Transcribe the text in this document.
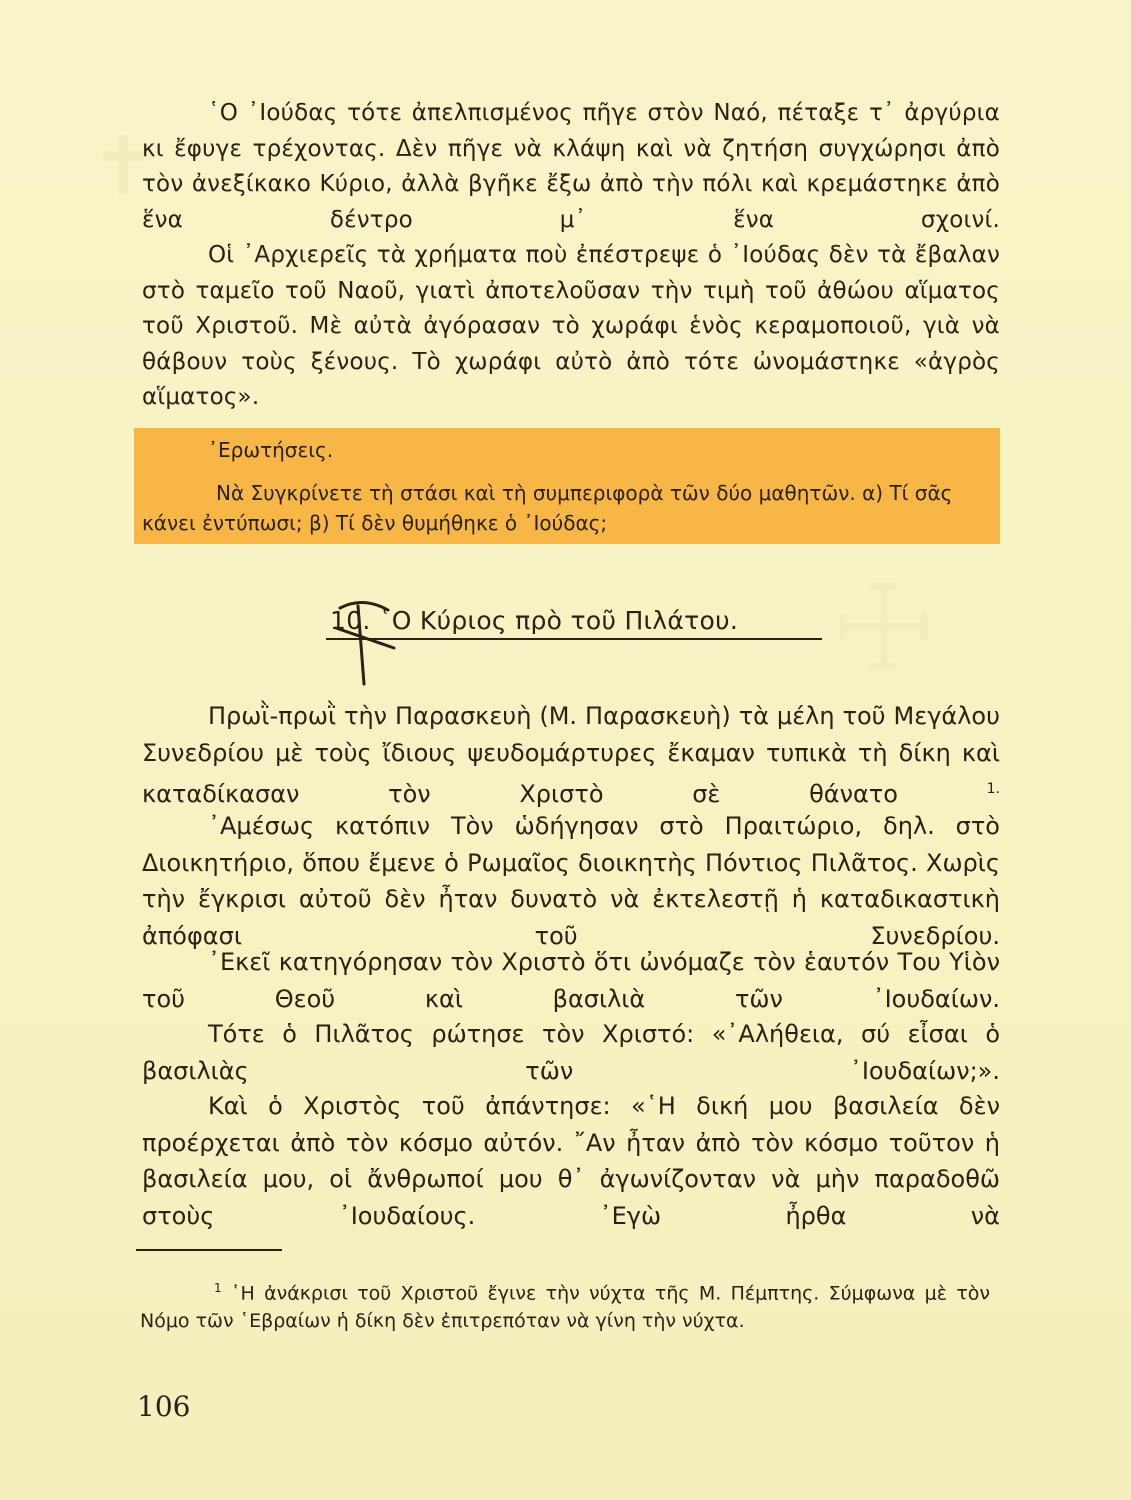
✝
☩

῾Ο ᾿Ιούδας τότε ἀπελπισμένος πῆγε στὸν Ναό, πέταξε τ᾿ ἀργύρια κι ἔφυγε τρέχοντας. Δὲν πῆγε νὰ κλάψη καὶ νὰ ζητήση συγχώρησι ἀπὸ τὸν ἀνεξίκακο Κύριο, ἀλλὰ βγῆκε ἔξω ἀπὸ τὴν πόλι καὶ κρεμάστηκε ἀπὸ ἕνα δέντρο μ᾿ ἕνα σχοινί.

Οἱ ᾿Αρχιερεῖς τὰ χρήματα ποὺ ἐπέστρεψε ὁ ᾿Ιούδας δὲν τὰ ἔβαλαν στὸ ταμεῖο τοῦ Ναοῦ, γιατὶ ἀποτελοῦσαν τὴν τιμὴ τοῦ ἀθώου αἵματος τοῦ Χριστοῦ. Μὲ αὐτὰ ἀγόρασαν τὸ χωράφι ἑνὸς κεραμοποιοῦ, γιὰ νὰ θάβουν τοὺς ξένους. Τὸ χωράφι αὐτὸ ἀπὸ τότε ὠνομάστηκε «ἀγρὸς αἵματος».

᾿Ερωτήσεις.

Νὰ Συγκρίνετε τὴ στάσι καὶ τὴ συμπεριφορὰ τῶν δύο μαθητῶν. α) Τί σᾶς κάνει ἐντύπωσι; β) Τί δὲν θυμήθηκε ὁ ᾿Ιούδας;

10. ῾Ο Κύριος πρὸ τοῦ Πιλάτου.

Πρωῒ-πρωῒ τὴν Παρασκευὴ (Μ. Παρασκευὴ) τὰ μέλη τοῦ Μεγάλου Συνεδρίου μὲ τοὺς ἴδιους ψευδομάρτυρες ἔκαμαν τυπικὰ τὴ δίκη καὶ καταδίκασαν τὸν Χριστὸ σὲ θάνατο	$^{1.}$

᾿Αμέσως κατόπιν Τὸν ὡδήγησαν στὸ Πραιτώριο, δηλ. στὸ Διοικητήριο, ὅπου ἔμενε ὁ Ρωμαῖος διοικητὴς Πόντιος Πιλᾶτος. Χωρὶς τὴν ἔγκρισι αὐτοῦ δὲν ἦταν δυνατὸ νὰ ἐκτελεστῇ ἡ καταδικαστικὴ ἀπόφασι τοῦ Συνεδρίου.

᾿Εκεῖ κατηγόρησαν τὸν Χριστὸ ὅτι ὠνόμαζε τὸν ἑαυτόν Του Υἱὸν τοῦ Θεοῦ καὶ βασιλιὰ τῶν ᾿Ιουδαίων.

Τότε ὁ Πιλᾶτος ρώτησε τὸν Χριστό: «᾿Αλήθεια, σύ εἶσαι ὁ βασιλιὰς τῶν ᾿Ιουδαίων;».

Καὶ ὁ Χριστὸς τοῦ ἀπάντησε: «῾Η δική μου βασιλεία δὲν προέρχεται ἀπὸ τὸν κόσμο αὐτόν. ῎Αν ἦταν ἀπὸ τὸν κόσμο τοῦτον ἡ βασιλεία μου, οἱ ἄνθρωποί μου θ᾿ ἀγωνίζονταν νὰ μὴν παραδοθῶ στοὺς ᾿Ιουδαίους. ᾿Εγὼ ἦρθα νὰ

$^1$ ῾Η ἀνάκρισι τοῦ Χριστοῦ ἔγινε τὴν νύχτα τῆς Μ. Πέμπτης. Σύμφωνα μὲ τὸν Νόμο τῶν ῾Εβραίων ἡ δίκη δὲν ἐπιτρεπόταν νὰ γίνη τὴν νύχτα.

106
